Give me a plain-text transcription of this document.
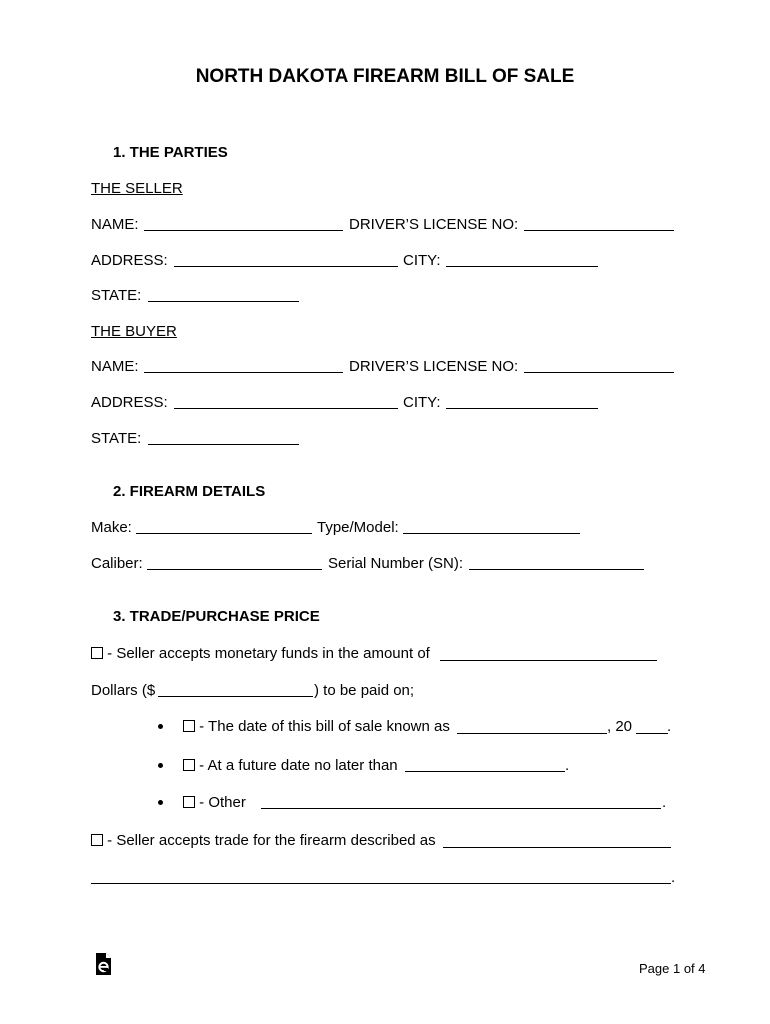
NORTH DAKOTA FIREARM BILL OF SALE
1. THE PARTIES
THE SELLER
NAME:	DRIVER’S LICENSE NO:
ADDRESS:	CITY:
STATE:
THE BUYER
NAME:	DRIVER’S LICENSE NO:
ADDRESS:	CITY:
STATE:
2. FIREARM DETAILS
Make:	Type/Model:
Caliber:	Serial Number (SN):
3. TRADE/PURCHASE PRICE
- Seller accepts monetary funds in the amount of
Dollars ($	) to be paid on;
- The date of this bill of sale known as	, 20 .
- At a future date no later than	.
- Other	.
- Seller accepts trade for the firearm described as
.
Page 1 of 4
